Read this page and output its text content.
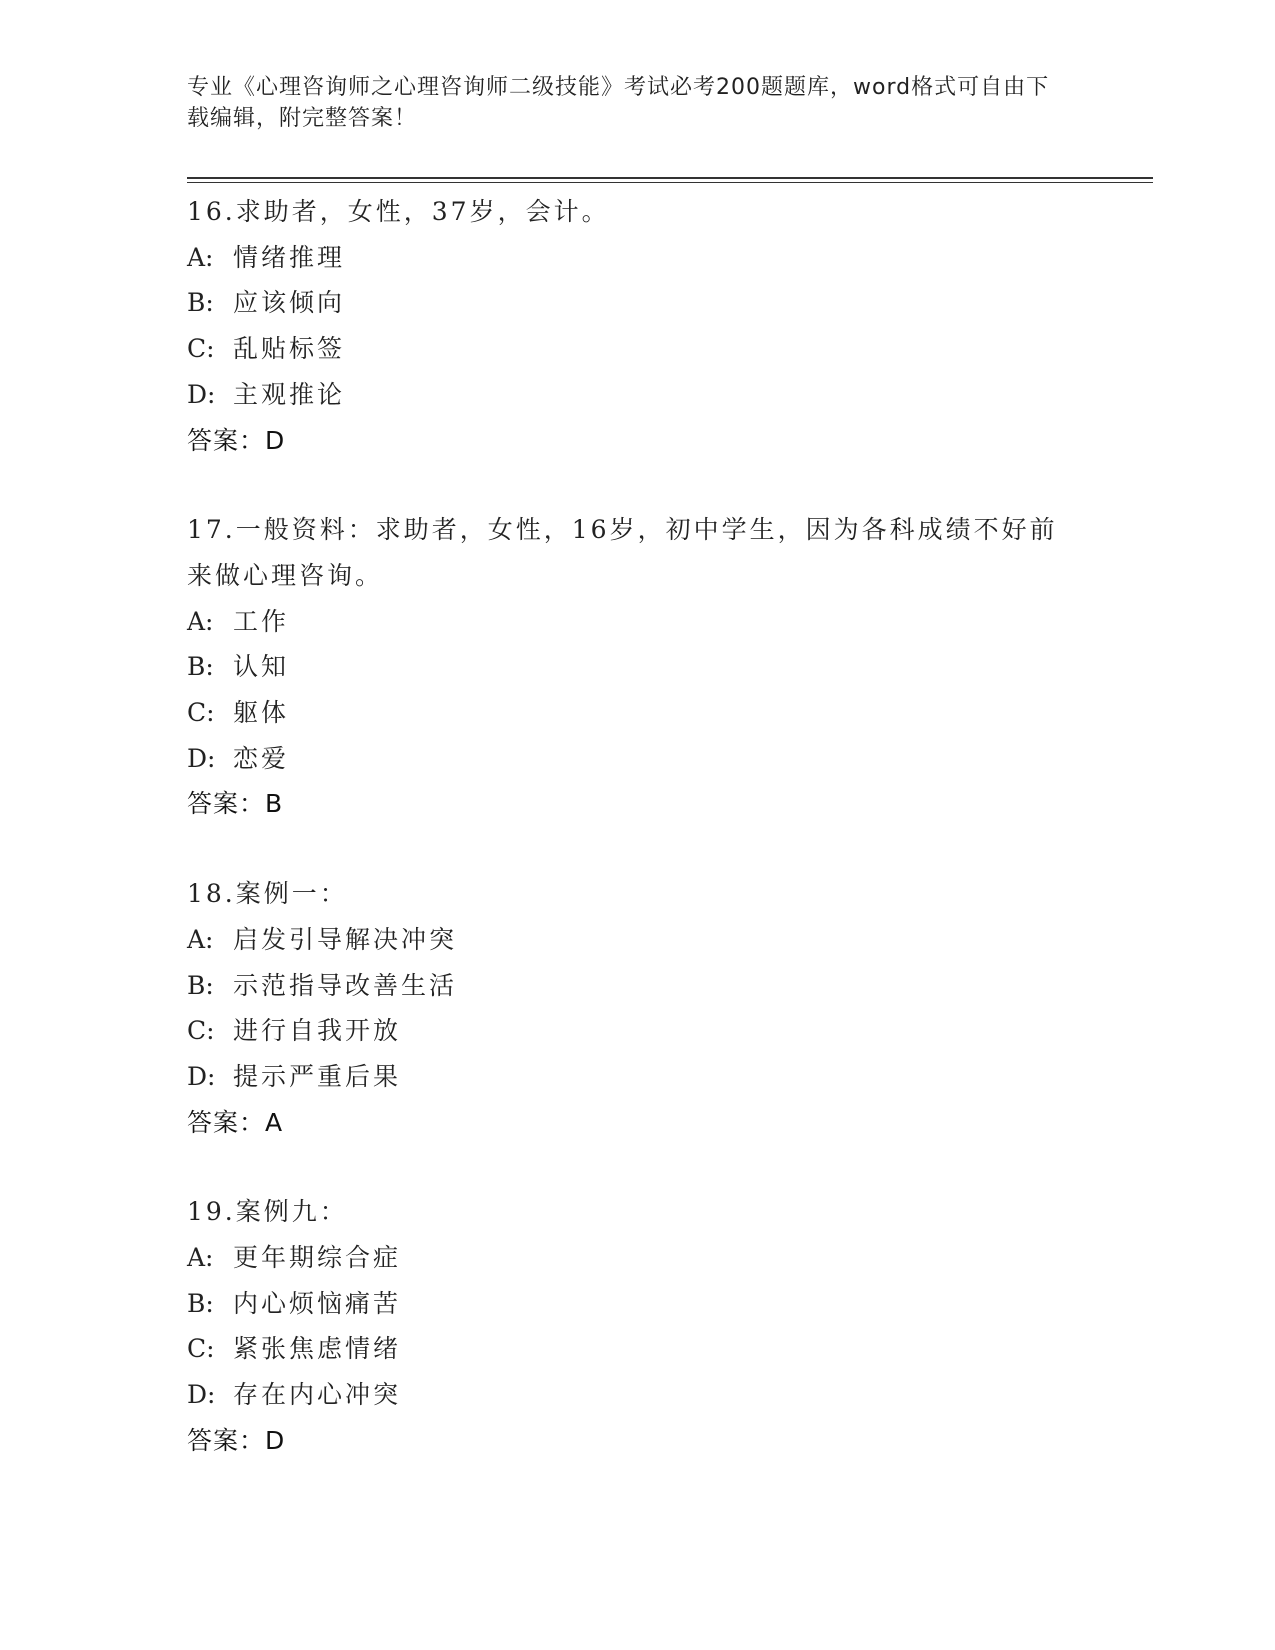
专业《心理咨询师之心理咨询师二级技能》考试必考200题题库，word格式可自由下载编辑，附完整答案！
16.求助者，女性，37岁，会计。
A: 情绪推理
B: 应该倾向
C: 乱贴标签
D: 主观推论
答案：D
17.一般资料：求助者，女性，16岁，初中学生，因为各科成绩不好前来做心理咨询。
A: 工作
B: 认知
C: 躯体
D: 恋爱
答案：B
18.案例一：
A: 启发引导解决冲突
B: 示范指导改善生活
C: 进行自我开放
D: 提示严重后果
答案：A
19.案例九：
A: 更年期综合症
B: 内心烦恼痛苦
C: 紧张焦虑情绪
D: 存在内心冲突
答案：D
